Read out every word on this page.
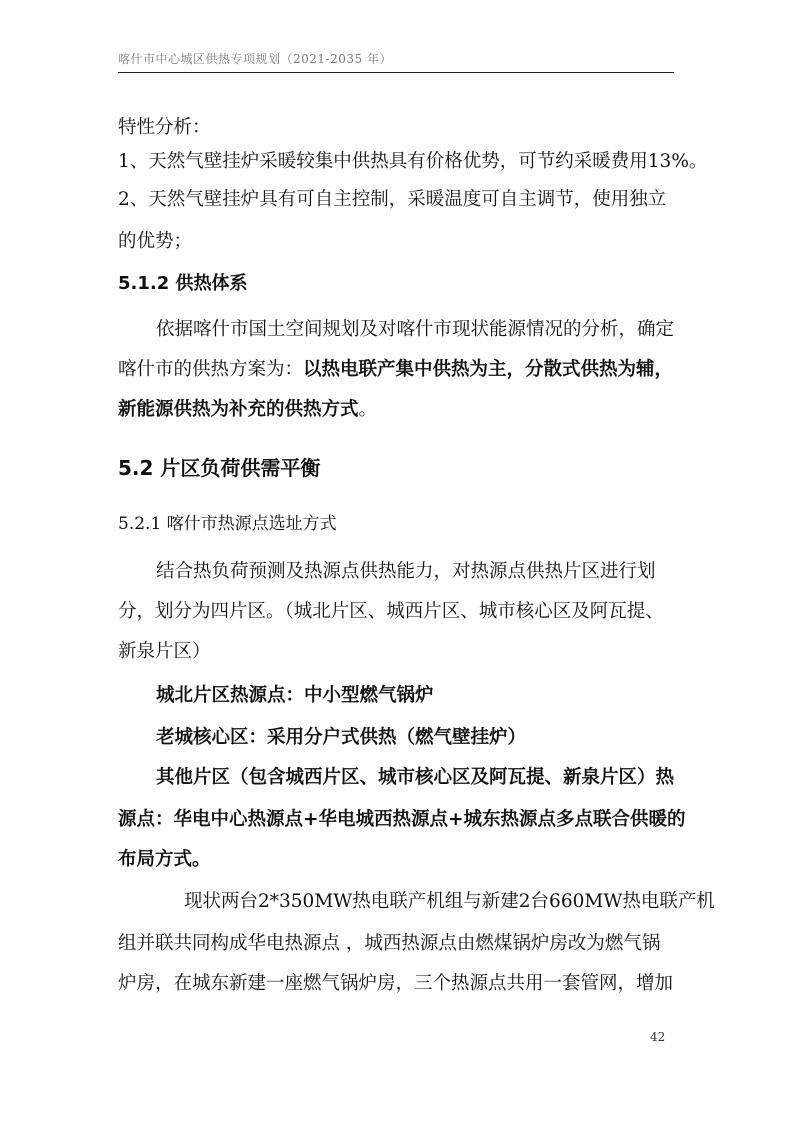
喀什市中心城区供热专项规划（2021-2035 年）
特性分析：
1、天然气壁挂炉采暖较集中供热具有价格优势，可节约采暖费用13%。
2、天然气壁挂炉具有可自主控制，采暖温度可自主调节，使用独立
的优势；
5.1.2 供热体系
依据喀什市国土空间规划及对喀什市现状能源情况的分析，确定
喀什市的供热方案为：以热电联产集中供热为主，分散式供热为辅，
新能源供热为补充的供热方式。
5.2 片区负荷供需平衡
5.2.1 喀什市热源点选址方式
结合热负荷预测及热源点供热能力，对热源点供热片区进行划
分，划分为四片区。（城北片区、城西片区、城市核心区及阿瓦提、
新泉片区）
城北片区热源点：中小型燃气锅炉
老城核心区：采用分户式供热（燃气壁挂炉）
其他片区（包含城西片区、城市核心区及阿瓦提、新泉片区）热
源点：华电中心热源点+华电城西热源点+城东热源点多点联合供暖的
布局方式。
现状两台2*350MW热电联产机组与新建2台660MW热电联产机
组并联共同构成华电热源点 ，城西热源点由燃煤锅炉房改为燃气锅
炉房，在城东新建一座燃气锅炉房，三个热源点共用一套管网，增加
42
